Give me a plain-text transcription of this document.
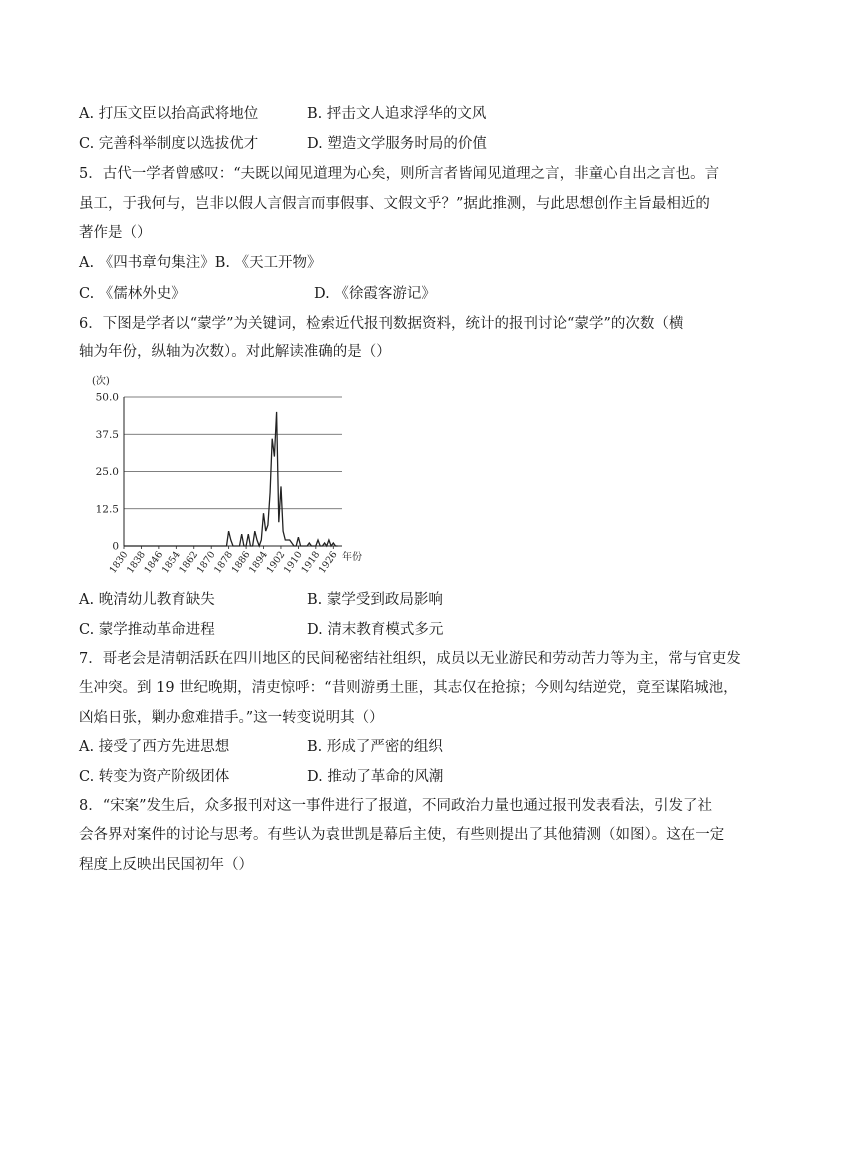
A. 打压文臣以抬高武将地位	B. 抨击文人追求浮华的文风
C. 完善科举制度以选拔优才	D. 塑造文学服务时局的价值
5．古代一学者曾感叹：“夫既以闻见道理为心矣，则所言者皆闻见道理之言，非童心自出之言也。言
虽工，于我何与，岂非以假人言假言而事假事、文假文乎？”据此推测，与此思想创作主旨最相近的
著作是（）
A. 《四书章句集注》B. 《天工开物》
C. 《儒林外史》	D. 《徐霞客游记》
6．下图是学者以“蒙学”为关键词，检索近代报刊数据资料，统计的报刊讨论“蒙学”的次数（横
轴为年份，纵轴为次数）。对此解读准确的是（）
0
12.5
25.0
37.5
50.0
1830
1838
1846
1854
1862
1870
1878
1886
1894
1902
1910
1918
1926
(次)
年份
A. 晚清幼儿教育缺失	B. 蒙学受到政局影响
C. 蒙学推动革命进程	D. 清末教育模式多元
7．哥老会是清朝活跃在四川地区的民间秘密结社组织，成员以无业游民和劳动苦力等为主，常与官吏发
生冲突。到 19 世纪晚期，清吏惊呼：“昔则游勇土匪，其志仅在抢掠；今则勾结逆党，竟至谋陷城池，
凶焰日张，剿办愈难措手。”这一转变说明其（）
A. 接受了西方先进思想	B. 形成了严密的组织
C. 转变为资产阶级团体	D. 推动了革命的风潮
8．“宋案”发生后，众多报刊对这一事件进行了报道，不同政治力量也通过报刊发表看法，引发了社
会各界对案件的讨论与思考。有些认为袁世凯是幕后主使，有些则提出了其他猜测（如图）。这在一定
程度上反映出民国初年（）
